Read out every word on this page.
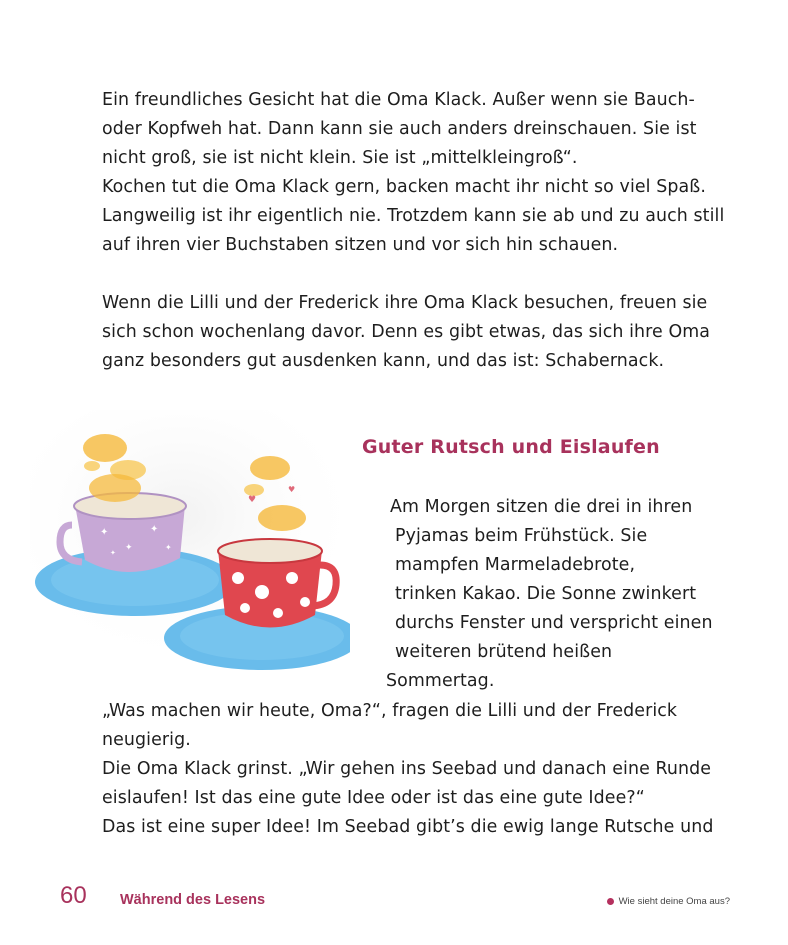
Ein freundliches Gesicht hat die Oma Klack. Außer wenn sie Bauch-
oder Kopfweh hat. Dann kann sie auch anders dreinschauen. Sie ist
nicht groß, sie ist nicht klein. Sie ist „mittelkleingroß“.
Kochen tut die Oma Klack gern, backen macht ihr nicht so viel Spaß.
Langweilig ist ihr eigentlich nie. Trotzdem kann sie ab und zu auch still
auf ihren vier Buchstaben sitzen und vor sich hin schauen.
Wenn die Lilli und der Frederick ihre Oma Klack besuchen, freuen sie
sich schon wochenlang davor. Denn es gibt etwas, das sich ihre Oma
ganz besonders gut ausdenken kann, und das ist: Schabernack.
✦
✦
✦
✦
✦
♥
♥
Guter Rutsch und Eislaufen
Am Morgen sitzen die drei in ihren
Pyjamas beim Frühstück. Sie
mampfen Marmeladebrote,
trinken Kakao. Die Sonne zwinkert
durchs Fenster und verspricht einen
weiteren brütend heißen
Sommertag.
„Was machen wir heute, Oma?“, fragen die Lilli und der Frederick
neugierig.
Die Oma Klack grinst. „Wir gehen ins Seebad und danach eine Runde
eislaufen! Ist das eine gute Idee oder ist das eine gute Idee?“
Das ist eine super Idee! Im Seebad gibt’s die ewig lange Rutsche und
60 Während des Lesens	Wie sieht deine Oma aus?
